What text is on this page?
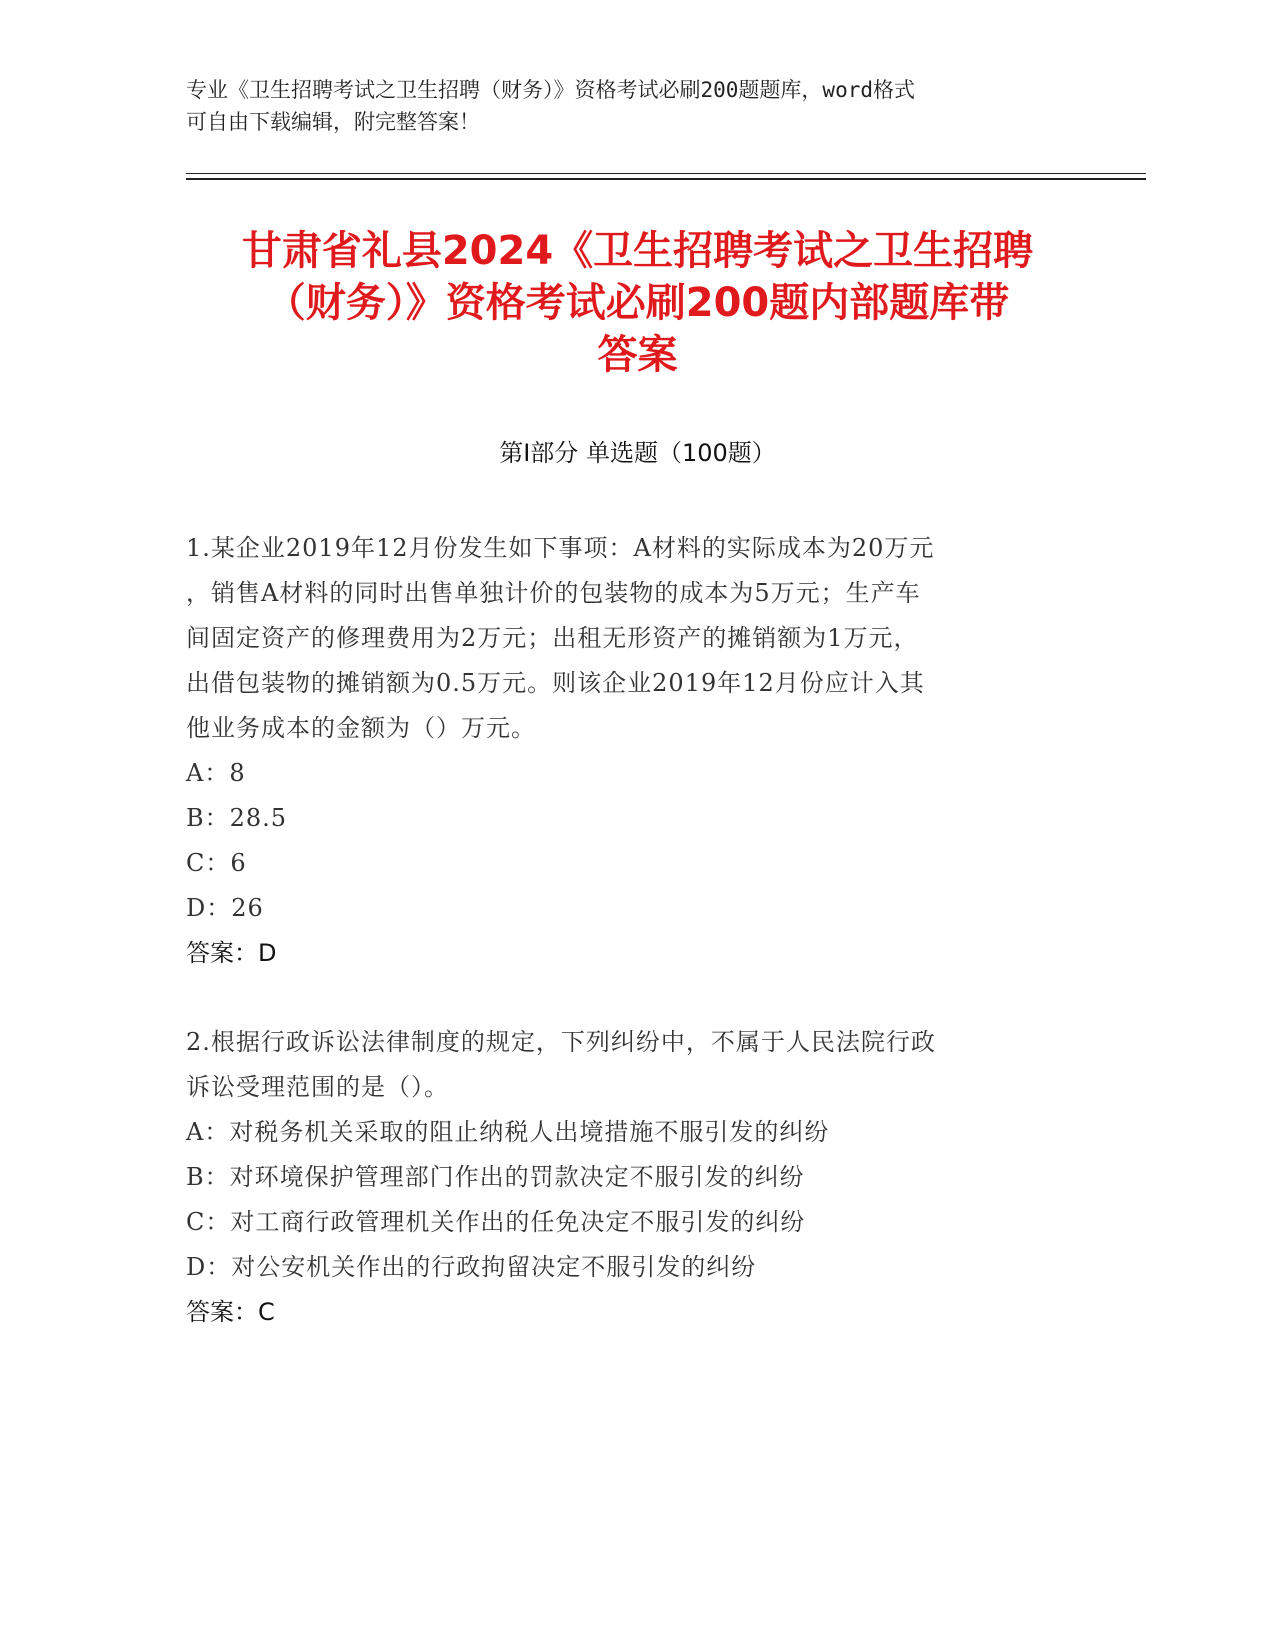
专业《卫生招聘考试之卫生招聘（财务）》资格考试必刷200题题库，word格式
可自由下载编辑，附完整答案！
甘肃省礼县2024《卫生招聘考试之卫生招聘
（财务）》资格考试必刷200题内部题库带
答案
第Ⅰ部分 单选题（100题）
1.某企业2019年12月份发生如下事项：A材料的实际成本为20万元
，销售A材料的同时出售单独计价的包装物的成本为5万元；生产车
间固定资产的修理费用为2万元；出租无形资产的摊销额为1万元，
出借包装物的摊销额为0.5万元。则该企业2019年12月份应计入其
他业务成本的金额为（）万元。
A：8
B：28.5
C：6
D：26
答案：D
2.根据行政诉讼法律制度的规定，下列纠纷中，不属于人民法院行政
诉讼受理范围的是（）。
A：对税务机关采取的阻止纳税人出境措施不服引发的纠纷
B：对环境保护管理部门作出的罚款决定不服引发的纠纷
C：对工商行政管理机关作出的任免决定不服引发的纠纷
D：对公安机关作出的行政拘留决定不服引发的纠纷
答案：C
